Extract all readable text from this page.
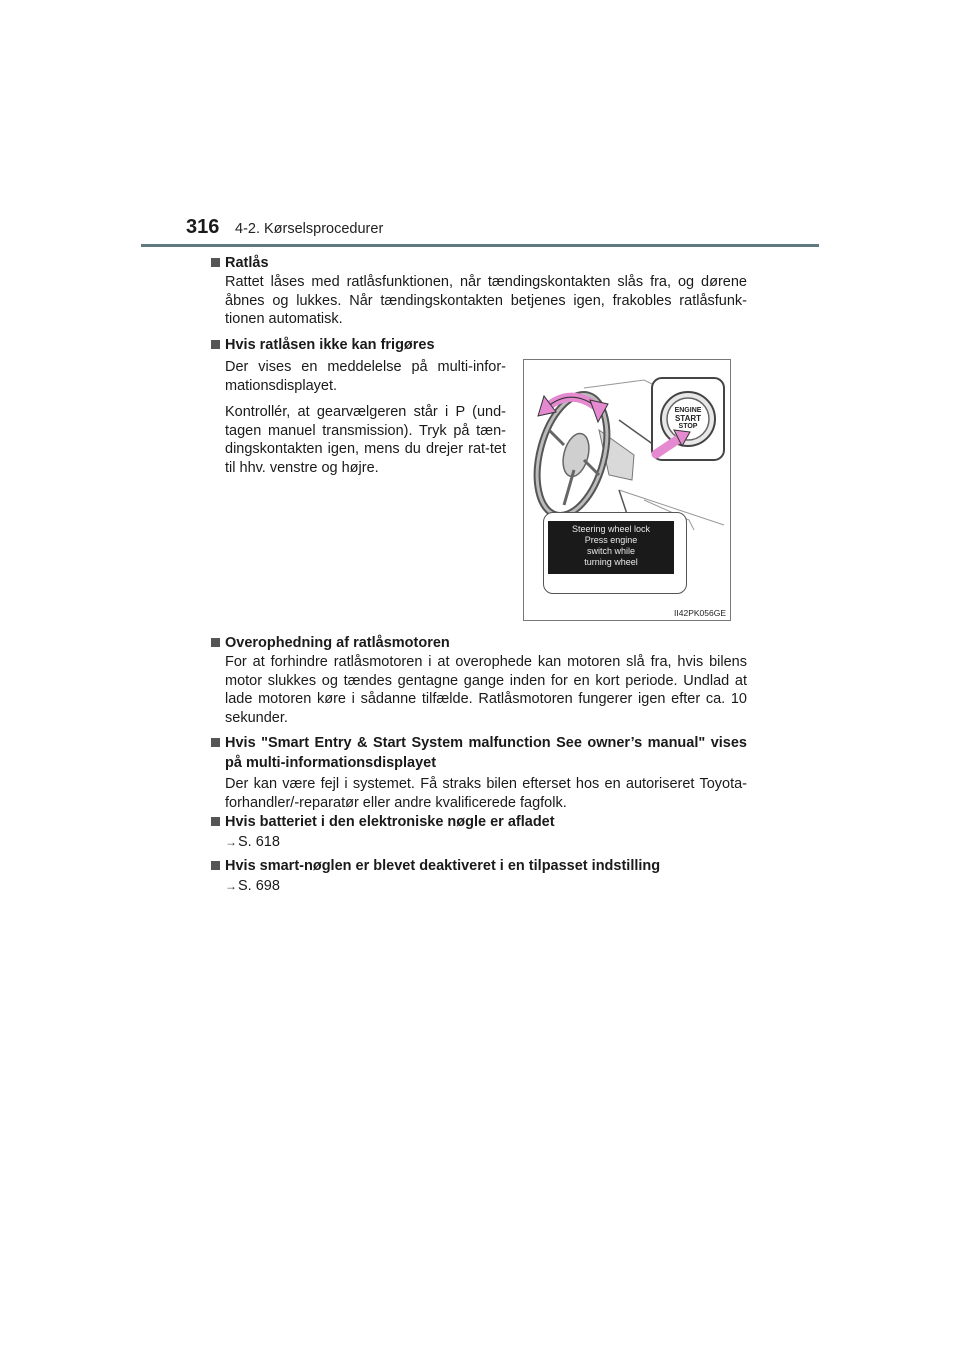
316 4-2. Kørselsprocedurer
Ratlås
Rattet låses med ratlåsfunktionen, når tændingskontakten slås fra, og dørene åbnes og lukkes. Når tændingskontakten betjenes igen, frakobles ratlåsfunk-tionen automatisk.
Hvis ratlåsen ikke kan frigøres

Der vises en meddelelse på multi-infor-mationsdisplayet.

Kontrollér, at gearvælgeren står i P (und-tagen manuel transmission). Tryk på tæn-dingskontakten igen, mens du drejer rat-tet til hhv. venstre og højre.

ENGINE
START
STOP
Steering wheel lock
Press engine
switch while
turning wheel
II42PK056GE
Overophedning af ratlåsmotoren
For at forhindre ratlåsmotoren i at overophede kan motoren slå fra, hvis bilens motor slukkes og tændes gentagne gange inden for en kort periode. Undlad at lade motoren køre i sådanne tilfælde. Ratlåsmotoren fungerer igen efter ca. 10 sekunder.
Hvis "Smart Entry & Start System malfunction See owner’s manual" vises på multi-informationsdisplayet
Der kan være fejl i systemet. Få straks bilen efterset hos en autoriseret Toyota-forhandler/-reparatør eller andre kvalificerede fagfolk.
Hvis batteriet i den elektroniske nøgle er afladet
→S. 618
Hvis smart-nøglen er blevet deaktiveret i en tilpasset indstilling
→S. 698
